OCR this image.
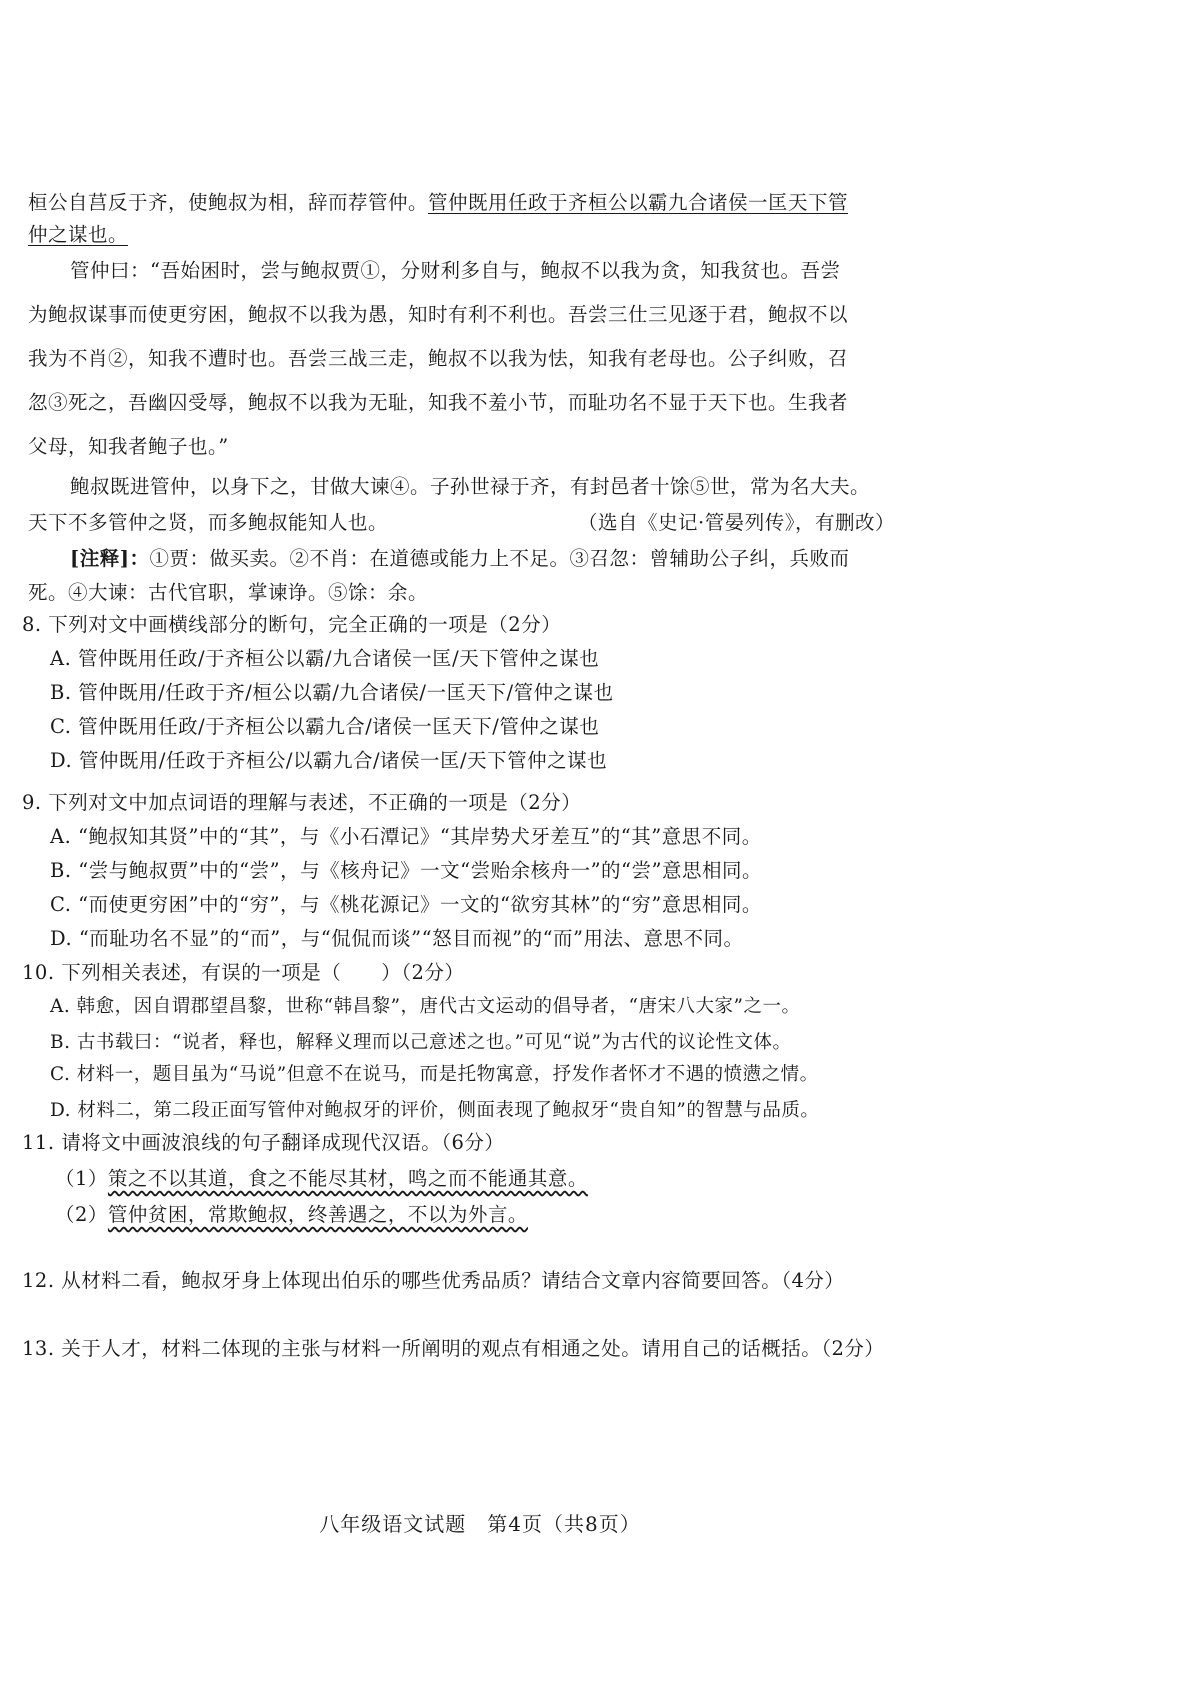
桓公自莒反于齐，使鲍叔为相，辞而荐管仲。管仲既用任政于齐桓公以霸九合诸侯一匡天下管
仲之谋也。
管仲曰：“吾始困时，尝与鲍叔贾①，分财利多自与，鲍叔不以我为贪，知我贫也。吾尝
为鲍叔谋事而使更穷困，鲍叔不以我为愚，知时有利不利也。吾尝三仕三见逐于君，鲍叔不以
我为不肖②，知我不遭时也。吾尝三战三走，鲍叔不以我为怯，知我有老母也。公子纠败，召
忽③死之，吾幽囚受辱，鲍叔不以我为无耻，知我不羞小节，而耻功名不显于天下也。生我者
父母，知我者鲍子也。”
鲍叔既进管仲，以身下之，甘做大谏④。子孙世禄于齐，有封邑者十馀⑤世，常为名大夫。
天下不多管仲之贤，而多鲍叔能知人也。	（选自《史记·管晏列传》，有删改）
[注释]：①贾：做买卖。②不肖：在道德或能力上不足。③召忽：曾辅助公子纠，兵败而
死。④大谏：古代官职，掌谏诤。⑤馀：余。
8. 下列对文中画横线部分的断句，完全正确的一项是（2分）
A. 管仲既用任政/于齐桓公以霸/九合诸侯一匡/天下管仲之谋也
B. 管仲既用/任政于齐/桓公以霸/九合诸侯/一匡天下/管仲之谋也
C. 管仲既用任政/于齐桓公以霸九合/诸侯一匡天下/管仲之谋也
D. 管仲既用/任政于齐桓公/以霸九合/诸侯一匡/天下管仲之谋也
9. 下列对文中加点词语的理解与表述，不正确的一项是（2分）
A. “鲍叔知其贤”中的“其”，与《小石潭记》“其岸势犬牙差互”的“其”意思不同。
B. “尝与鲍叔贾”中的“尝”，与《核舟记》一文“尝贻余核舟一”的“尝”意思相同。
C. “而使更穷困”中的“穷”，与《桃花源记》一文的“欲穷其林”的“穷”意思相同。
D. “而耻功名不显”的“而”，与“侃侃而谈”“怒目而视”的“而”用法、意思不同。
10. 下列相关表述，有误的一项是（　　）（2分）
A. 韩愈，因自谓郡望昌黎，世称“韩昌黎”，唐代古文运动的倡导者，“唐宋八大家”之一。
B. 古书载曰：“说者，释也，解释义理而以己意述之也。”可见“说”为古代的议论性文体。
C. 材料一，题目虽为“马说”但意不在说马，而是托物寓意，抒发作者怀才不遇的愤懑之情。
D. 材料二，第二段正面写管仲对鲍叔牙的评价，侧面表现了鲍叔牙“贵自知”的智慧与品质。
11. 请将文中画波浪线的句子翻译成现代汉语。（6分）
（1）策之不以其道，食之不能尽其材，鸣之而不能通其意。
（2）管仲贫困，常欺鲍叔，终善遇之，不以为外言。
12. 从材料二看，鲍叔牙身上体现出伯乐的哪些优秀品质？请结合文章内容简要回答。（4分）
13. 关于人才，材料二体现的主张与材料一所阐明的观点有相通之处。请用自己的话概括。（2分）
八年级语文试题　第4页（共8页）
